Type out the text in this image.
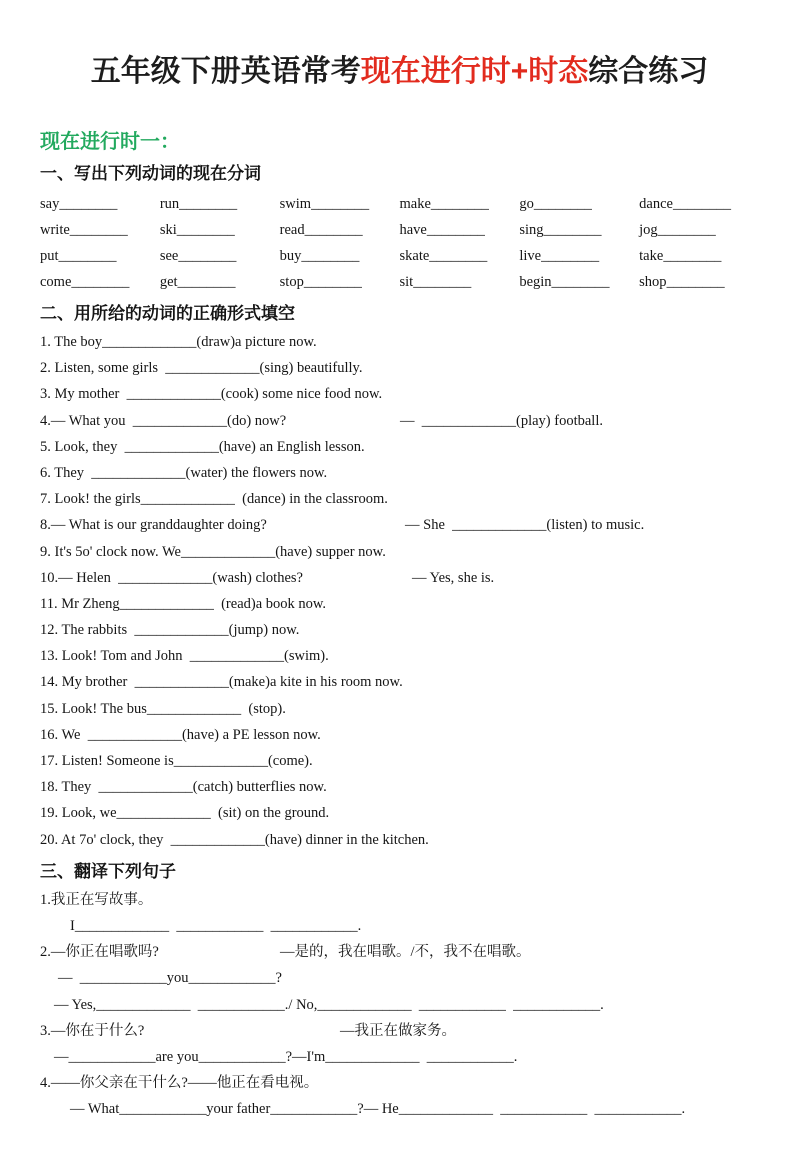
五年级下册英语常考现在进行时+时态综合练习
现在进行时一：
一、写出下列动词的现在分词
say________	run________	swim________	make________	go________	dance________
write________	ski________	read________	have________	sing________	jog________
put________	see________	buy________	skate________	live________	take________
come________	get________	stop________	sit________	begin________	shop________
二、用所给的动词的正确形式填空
1. The boy_____________(draw)a picture now.
2. Listen, some girls  _____________(sing) beautifully.
3. My mother  _____________(cook) some nice food now.
4.— What you  _____________(do) now?	—  _____________(play) football.
5. Look, they  _____________(have) an English lesson.
6. They  _____________(water) the flowers now.
7. Look! the girls_____________  (dance) in the classroom.
8.— What is our granddaughter doing?	— She  _____________(listen) to music.
9. It's 5o' clock now. We_____________(have) supper now.
10.— Helen  _____________(wash) clothes?	— Yes, she is.
11. Mr Zheng_____________  (read)a book now.
12. The rabbits  _____________(jump) now.
13. Look! Tom and John  _____________(swim).
14. My brother  _____________(make)a kite in his room now.
15. Look! The bus_____________  (stop).
16. We  _____________(have) a PE lesson now.
17. Listen! Someone is_____________(come).
18. They  _____________(catch) butterflies now.
19. Look, we_____________  (sit) on the ground.
20. At 7o' clock, they  _____________(have) dinner in the kitchen.
三、翻译下列句子
1.我正在写故事。
I_____________  ____________  ____________.
2.—你正在唱歌吗?	—是的，我在唱歌。/不，我不在唱歌。
—  ____________you____________?
— Yes,_____________  ____________./ No,_____________  ____________  ____________.
3.—你在于什么?	—我正在做家务。
—____________are you____________?—I'm_____________  ____________.
4.——你父亲在干什么?——他正在看电视。
— What____________your father____________?— He_____________  ____________  ____________.
